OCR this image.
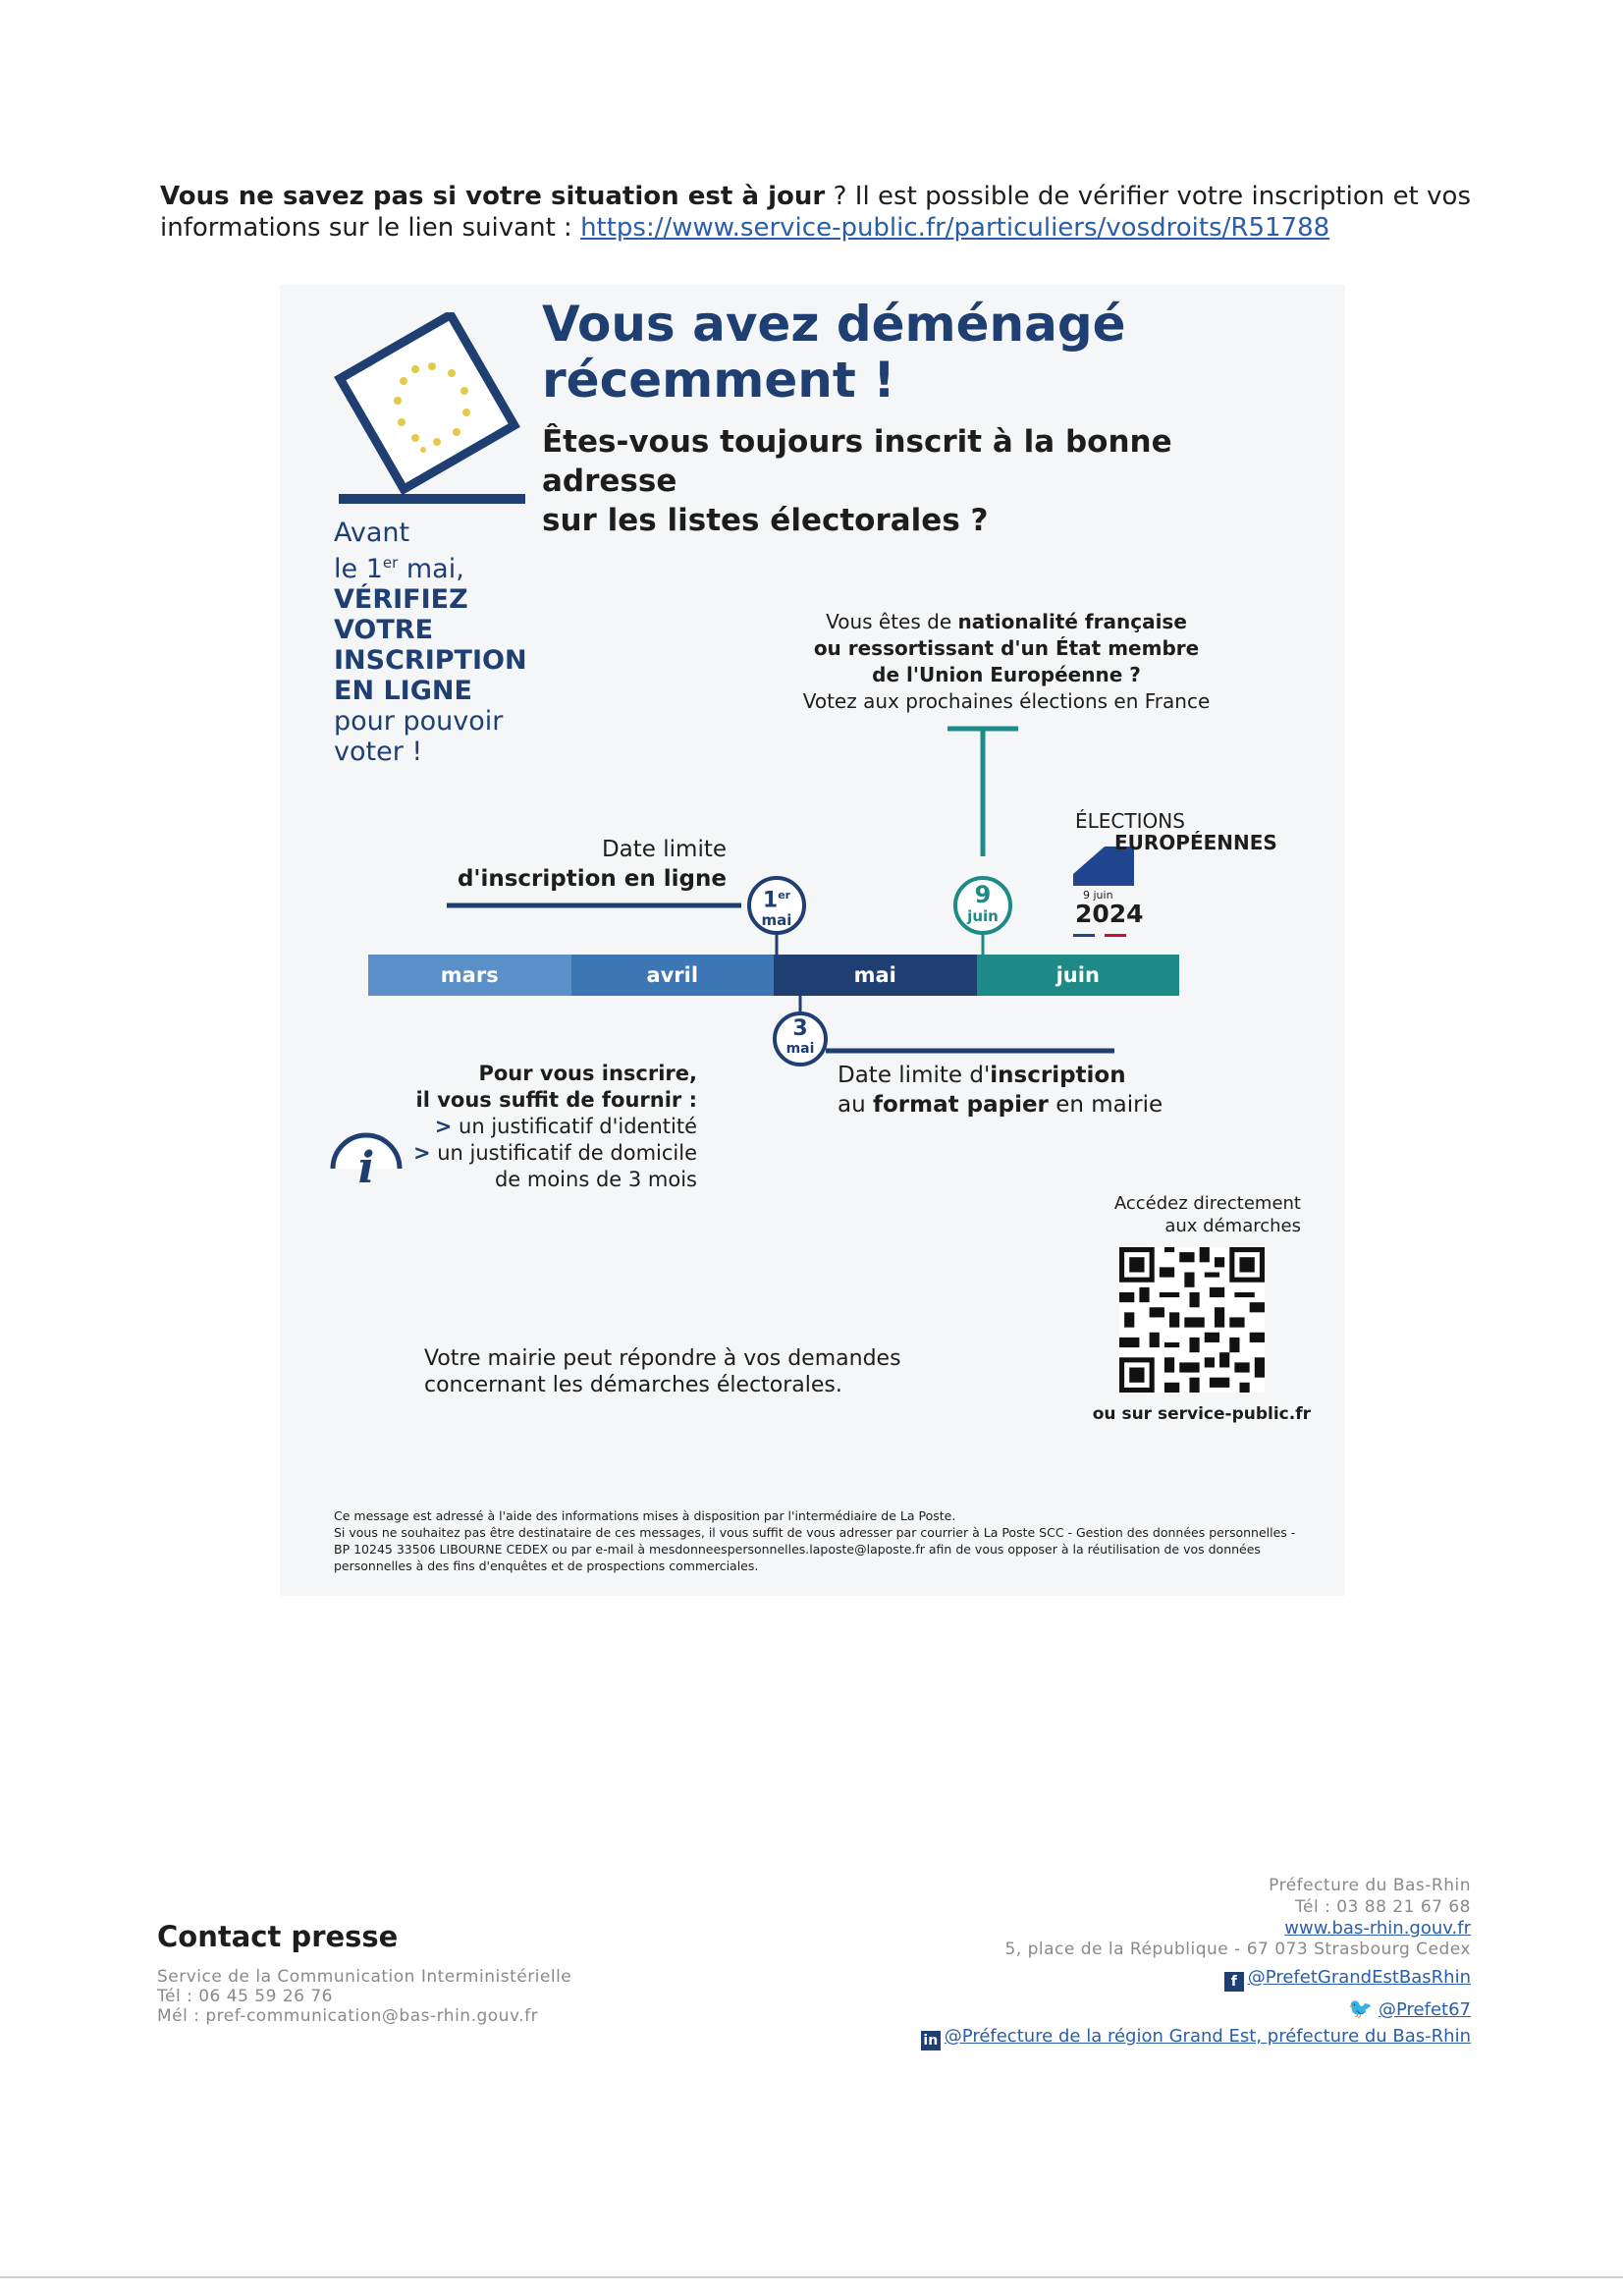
Vous ne savez pas si votre situation est à jour ? Il est possible de vérifier votre inscription et vos informations sur le lien suivant : https://www.service-public.fr/particuliers/vosdroits/R51788
Vous avez déménagé
récemment !
Êtes-vous toujours inscrit à la bonne adresse
sur les listes électorales ?
Avant
le 1er mai,
VÉRIFIEZ
VOTRE
INSCRIPTION
EN LIGNE
pour pouvoir
voter !
Vous êtes de nationalité française
ou ressortissant d'un État membre
de l'Union Européenne ?
Votez aux prochaines élections en France
1er
mai
9
juin
3
mai
Date limite
d'inscription en ligne
ÉLECTIONS
EUROPÉENNES
9 juin
2024
mars	avril	mai	juin
Pour vous inscrire,
il vous suffit de fournir :
> un justificatif d'identité
> un justificatif de domicile
de moins de 3 mois
Date limite d'inscription
au format papier en mairie
Accédez directement
aux démarches
ou sur service-public.fr
i
Votre mairie peut répondre à vos demandes
concernant les démarches électorales.
Ce message est adressé à l'aide des informations mises à disposition par l'intermédiaire de La Poste.
Si vous ne souhaitez pas être destinataire de ces messages, il vous suffit de vous adresser par courrier à La Poste SCC - Gestion des données personnelles - BP 10245 33506 LIBOURNE CEDEX ou par e-mail à mesdonneespersonnelles.laposte@laposte.fr afin de vous opposer à la réutilisation de vos données personnelles à des fins d'enquêtes et de prospections commerciales.
Contact presse
Service de la Communication Interministérielle
Tél : 06 45 59 26 76
Mél : pref-communication@bas-rhin.gouv.fr
Préfecture du Bas-Rhin
Tél : 03 88 21 67 68
www.bas-rhin.gouv.fr
5, place de la République - 67 073 Strasbourg Cedex
f @PrefetGrandEstBasRhin
🐦 @Prefet67
in @Préfecture de la région Grand Est, préfecture du Bas-Rhin
